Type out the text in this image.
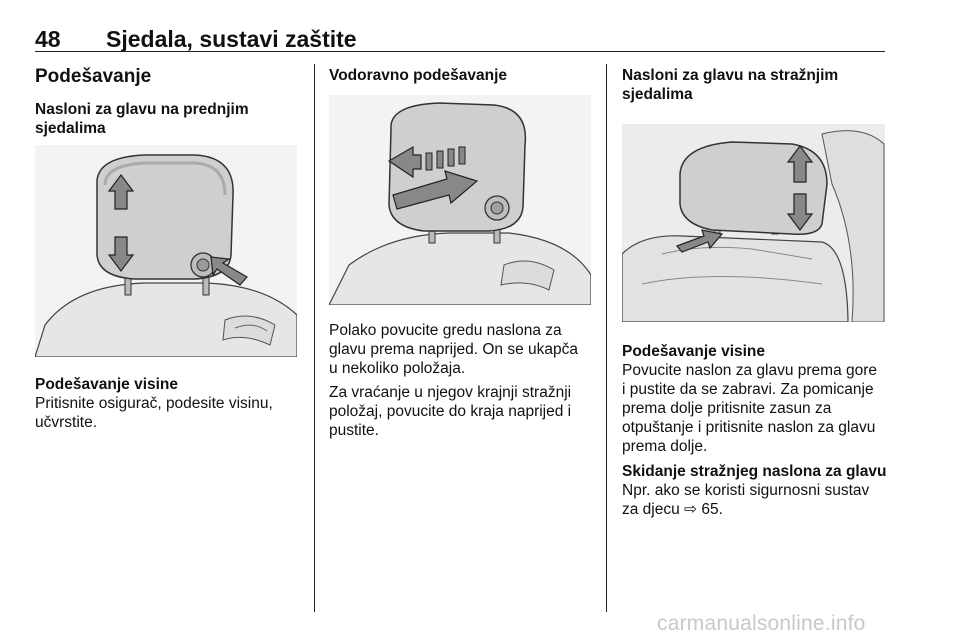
48 Sjedala, sustavi zaštite
Podešavanje
Nasloni za glavu na prednjim
sjedalima
Podešavanje visine
Pritisnite osigurač, podesite visinu,
učvrstite.
Vodoravno podešavanje
Polako povucite gredu naslona za
glavu prema naprijed. On se ukapča
u nekoliko položaja.
Za vraćanje u njegov krajnji stražnji
položaj, povucite do kraja naprijed i
pustite.
Nasloni za glavu na stražnjim
sjedalima
Podešavanje visine
Povucite naslon za glavu prema gore
i pustite da se zabravi. Za pomicanje
prema dolje pritisnite zasun za
otpuštanje i pritisnite naslon za glavu
prema dolje.
Skidanje stražnjeg naslona za glavu
Npr. ako se koristi sigurnosni sustav
za djecu ⇨ 65.
carmanualsonline.info
